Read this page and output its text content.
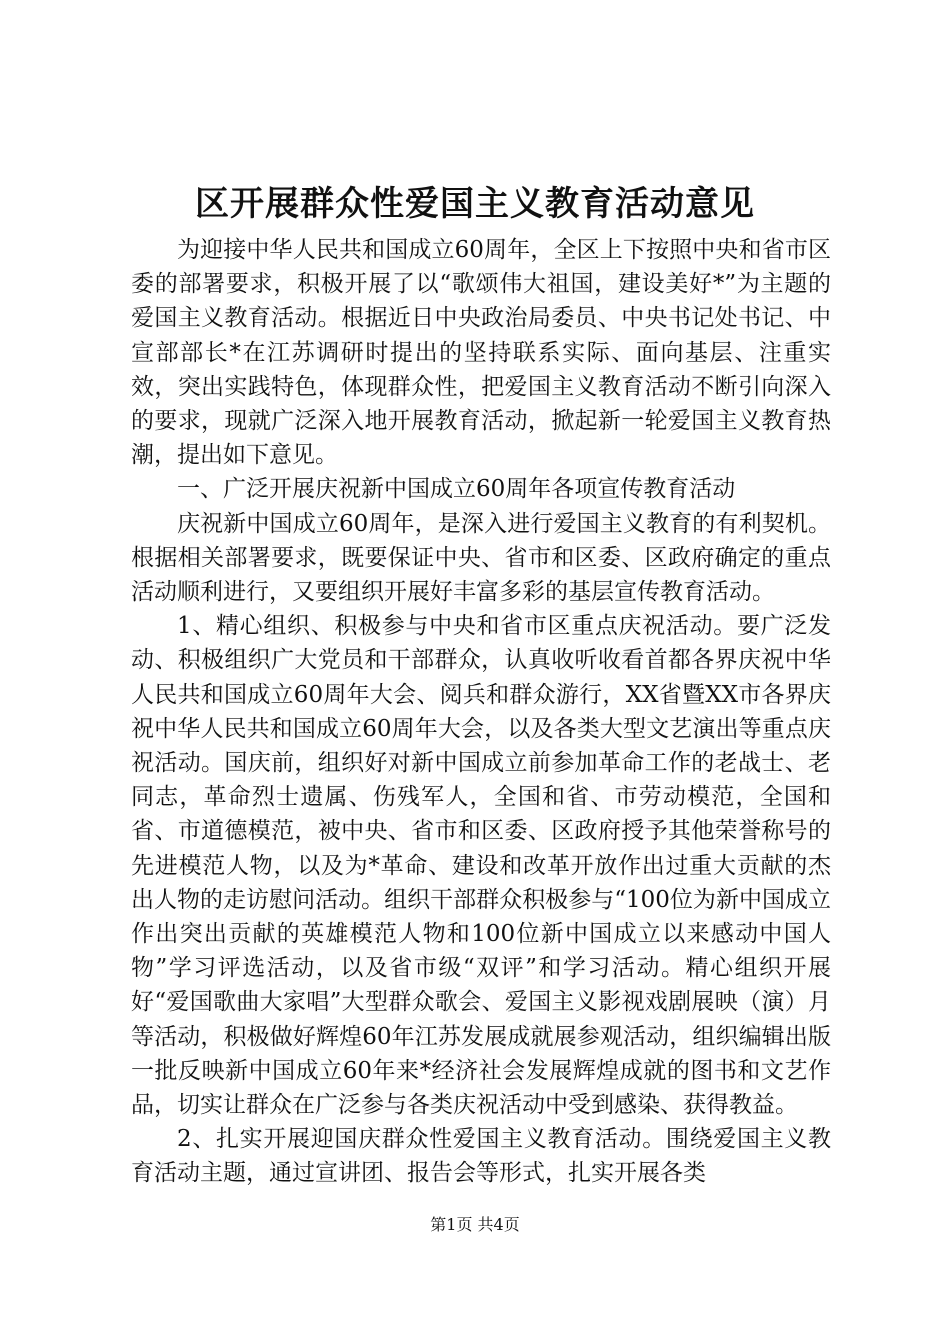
区开展群众性爱国主义教育活动意见

为迎接中华人民共和国成立60周年，全区上下按照中央和省市区委的部署要求，积极开展了以“歌颂伟大祖国，建设美好*”为主题的爱国主义教育活动。根据近日中央政治局委员、中央书记处书记、中宣部部长*在江苏调研时提出的坚持联系实际、面向基层、注重实效，突出实践特色，体现群众性，把爱国主义教育活动不断引向深入的要求，现就广泛深入地开展教育活动，掀起新一轮爱国主义教育热潮，提出如下意见。

一、广泛开展庆祝新中国成立60周年各项宣传教育活动

庆祝新中国成立60周年，是深入进行爱国主义教育的有利契机。根据相关部署要求，既要保证中央、省市和区委、区政府确定的重点活动顺利进行，又要组织开展好丰富多彩的基层宣传教育活动。

1、精心组织、积极参与中央和省市区重点庆祝活动。要广泛发动、积极组织广大党员和干部群众，认真收听收看首都各界庆祝中华人民共和国成立60周年大会、阅兵和群众游行，XX省暨XX市各界庆祝中华人民共和国成立60周年大会，以及各类大型文艺演出等重点庆祝活动。国庆前，组织好对新中国成立前参加革命工作的老战士、老同志，革命烈士遗属、伤残军人，全国和省、市劳动模范，全国和省、市道德模范，被中央、省市和区委、区政府授予其他荣誉称号的先进模范人物，以及为*革命、建设和改革开放作出过重大贡献的杰出人物的走访慰问活动。组织干部群众积极参与“100位为新中国成立作出突出贡献的英雄模范人物和100位新中国成立以来感动中国人物”学习评选活动，以及省市级“双评”和学习活动。精心组织开展好“爱国歌曲大家唱”大型群众歌会、爱国主义影视戏剧展映（演）月等活动，积极做好辉煌60年江苏发展成就展参观活动，组织编辑出版一批反映新中国成立60年来*经济社会发展辉煌成就的图书和文艺作品，切实让群众在广泛参与各类庆祝活动中受到感染、获得教益。

2、扎实开展迎国庆群众性爱国主义教育活动。围绕爱国主义教育活动主题，通过宣讲团、报告会等形式，扎实开展各类

第1页 共4页
